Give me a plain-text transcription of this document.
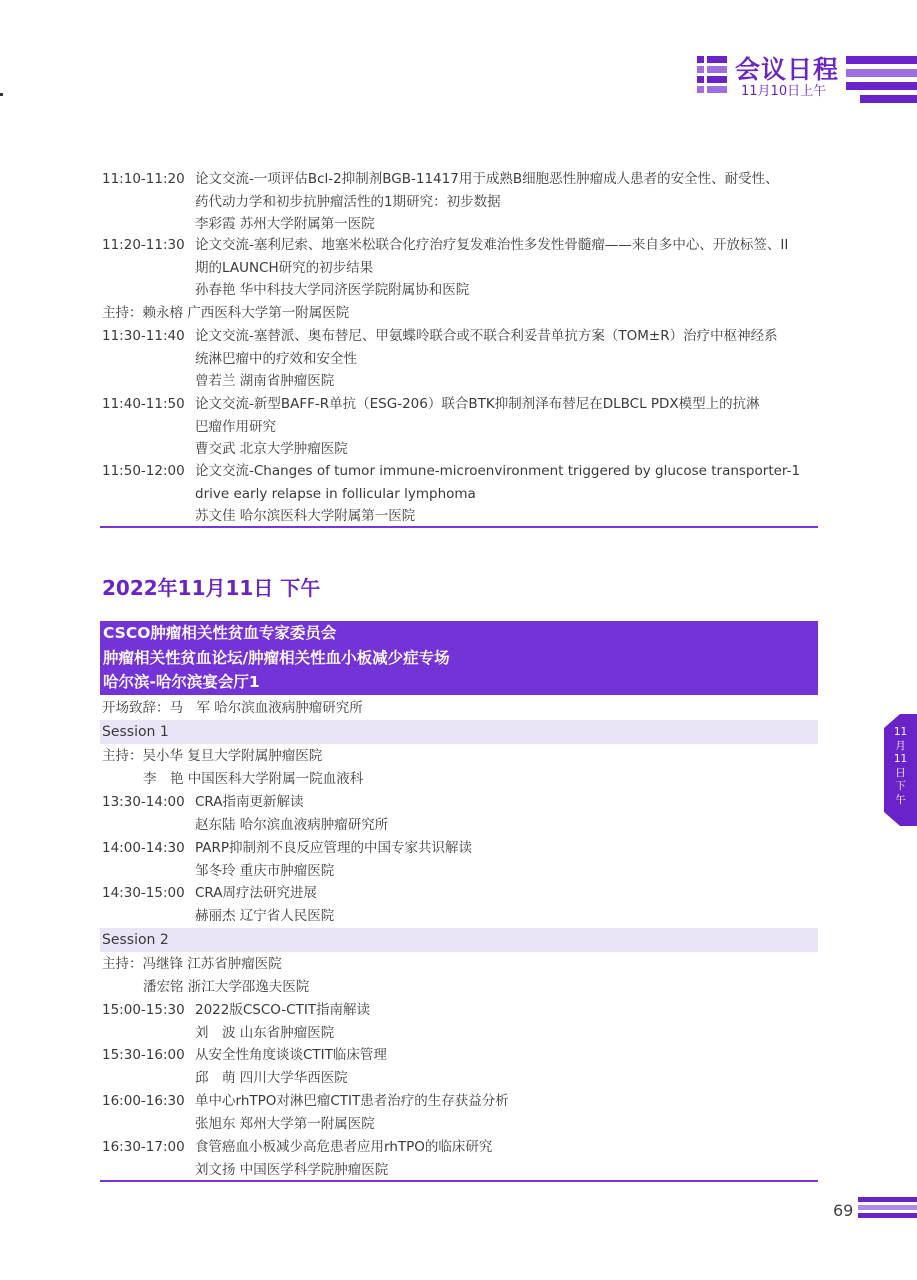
会议日程
11月10日上午
11:10-11:20 论文交流-一项评估Bcl-2抑制剂BGB-11417用于成熟B细胞恶性肿瘤成人患者的安全性、耐受性、
药代动力学和初步抗肿瘤活性的1期研究：初步数据
李彩霞 苏州大学附属第一医院
11:20-11:30 论文交流-塞利尼索、地塞米松联合化疗治疗复发难治性多发性骨髓瘤——来自多中心、开放标签、II
期的LAUNCH研究的初步结果
孙春艳 华中科技大学同济医学院附属协和医院
主持：赖永榕 广西医科大学第一附属医院
11:30-11:40 论文交流-塞替派、奥布替尼、甲氨蝶呤联合或不联合利妥昔单抗方案（TOM±R）治疗中枢神经系
统淋巴瘤中的疗效和安全性
曾若兰 湖南省肿瘤医院
11:40-11:50 论文交流-新型BAFF-R单抗（ESG-206）联合BTK抑制剂泽布替尼在DLBCL PDX模型上的抗淋
巴瘤作用研究
曹交武 北京大学肿瘤医院
11:50-12:00 论文交流-Changes of tumor immune-microenvironment triggered by glucose transporter-1
drive early relapse in follicular lymphoma
苏文佳 哈尔滨医科大学附属第一医院
2022年11月11日 下午
CSCO肿瘤相关性贫血专家委员会
肿瘤相关性贫血论坛/肿瘤相关性血小板减少症专场
哈尔滨-哈尔滨宴会厅1
开场致辞：马　军 哈尔滨血液病肿瘤研究所
Session 1
主持：吴小华 复旦大学附属肿瘤医院
李　艳 中国医科大学附属一院血液科
13:30-14:00 CRA指南更新解读
赵东陆 哈尔滨血液病肿瘤研究所
14:00-14:30 PARP抑制剂不良反应管理的中国专家共识解读
邹冬玲 重庆市肿瘤医院
14:30-15:00 CRA周疗法研究进展
赫丽杰 辽宁省人民医院
Session 2
主持：冯继锋 江苏省肿瘤医院
潘宏铭 浙江大学邵逸夫医院
15:00-15:30 2022版CSCO-CTIT指南解读
刘　波 山东省肿瘤医院
15:30-16:00 从安全性角度谈谈CTIT临床管理
邱　萌 四川大学华西医院
16:00-16:30 单中心rhTPO对淋巴瘤CTIT患者治疗的生存获益分析
张旭东 郑州大学第一附属医院
16:30-17:00 食管癌血小板减少高危患者应用rhTPO的临床研究
刘文扬 中国医学科学院肿瘤医院
11
月
11
日
下
午
69
